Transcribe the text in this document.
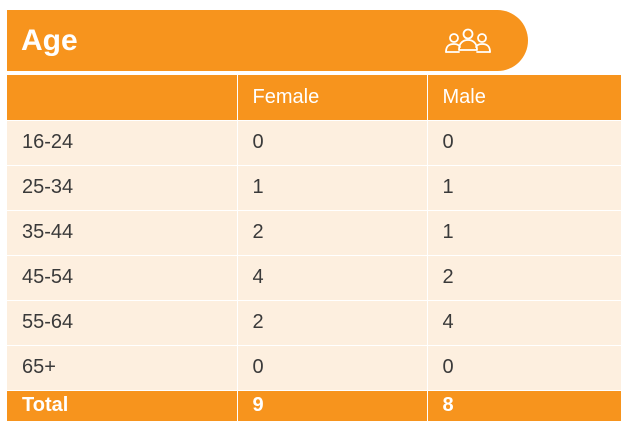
Age
	Female	Male
16-24	0	0
25-34	1	1
35-44	2	1
45-54	4	2
55-64	2	4
65+	0	0
Total	9	8
